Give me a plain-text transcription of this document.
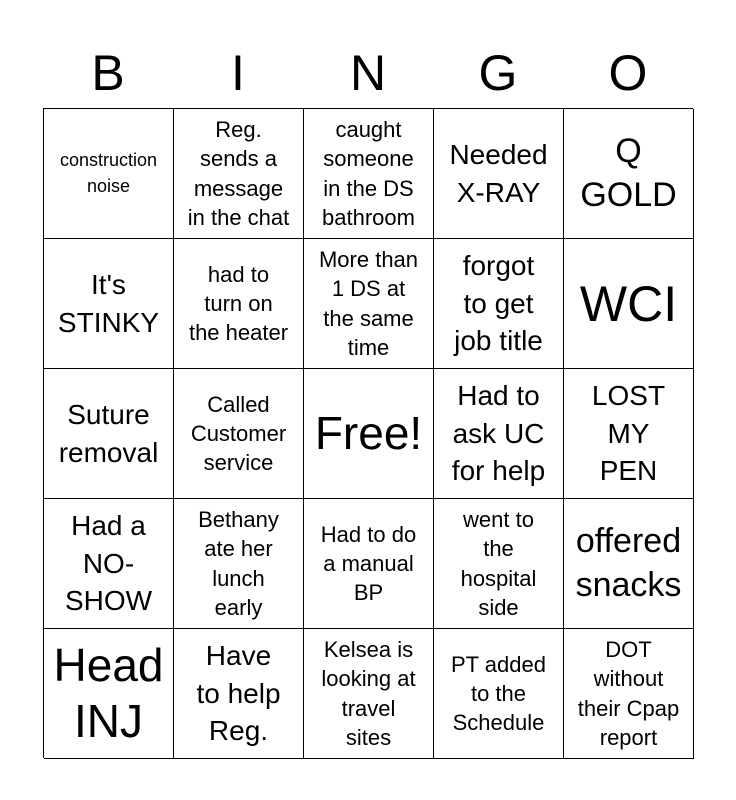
B	I	N	G	O
construction
noise
Reg.
sends a
message
in the chat
caught
someone
in the DS
bathroom
Needed
X-RAY
Q
GOLD
It's
STINKY
had to
turn on
the heater
More than
1 DS at
the same
time
forgot
to get
job title
WCI
Suture
removal
Called
Customer
service
Free!
Had to
ask UC
for help
LOST
MY
PEN
Had a
NO-
SHOW
Bethany
ate her
lunch
early
Had to do
a manual
BP
went to
the
hospital
side
offered
snacks
Head
INJ
Have
to help
Reg.
Kelsea is
looking at
travel
sites
PT added
to the
Schedule
DOT
without
their Cpap
report
